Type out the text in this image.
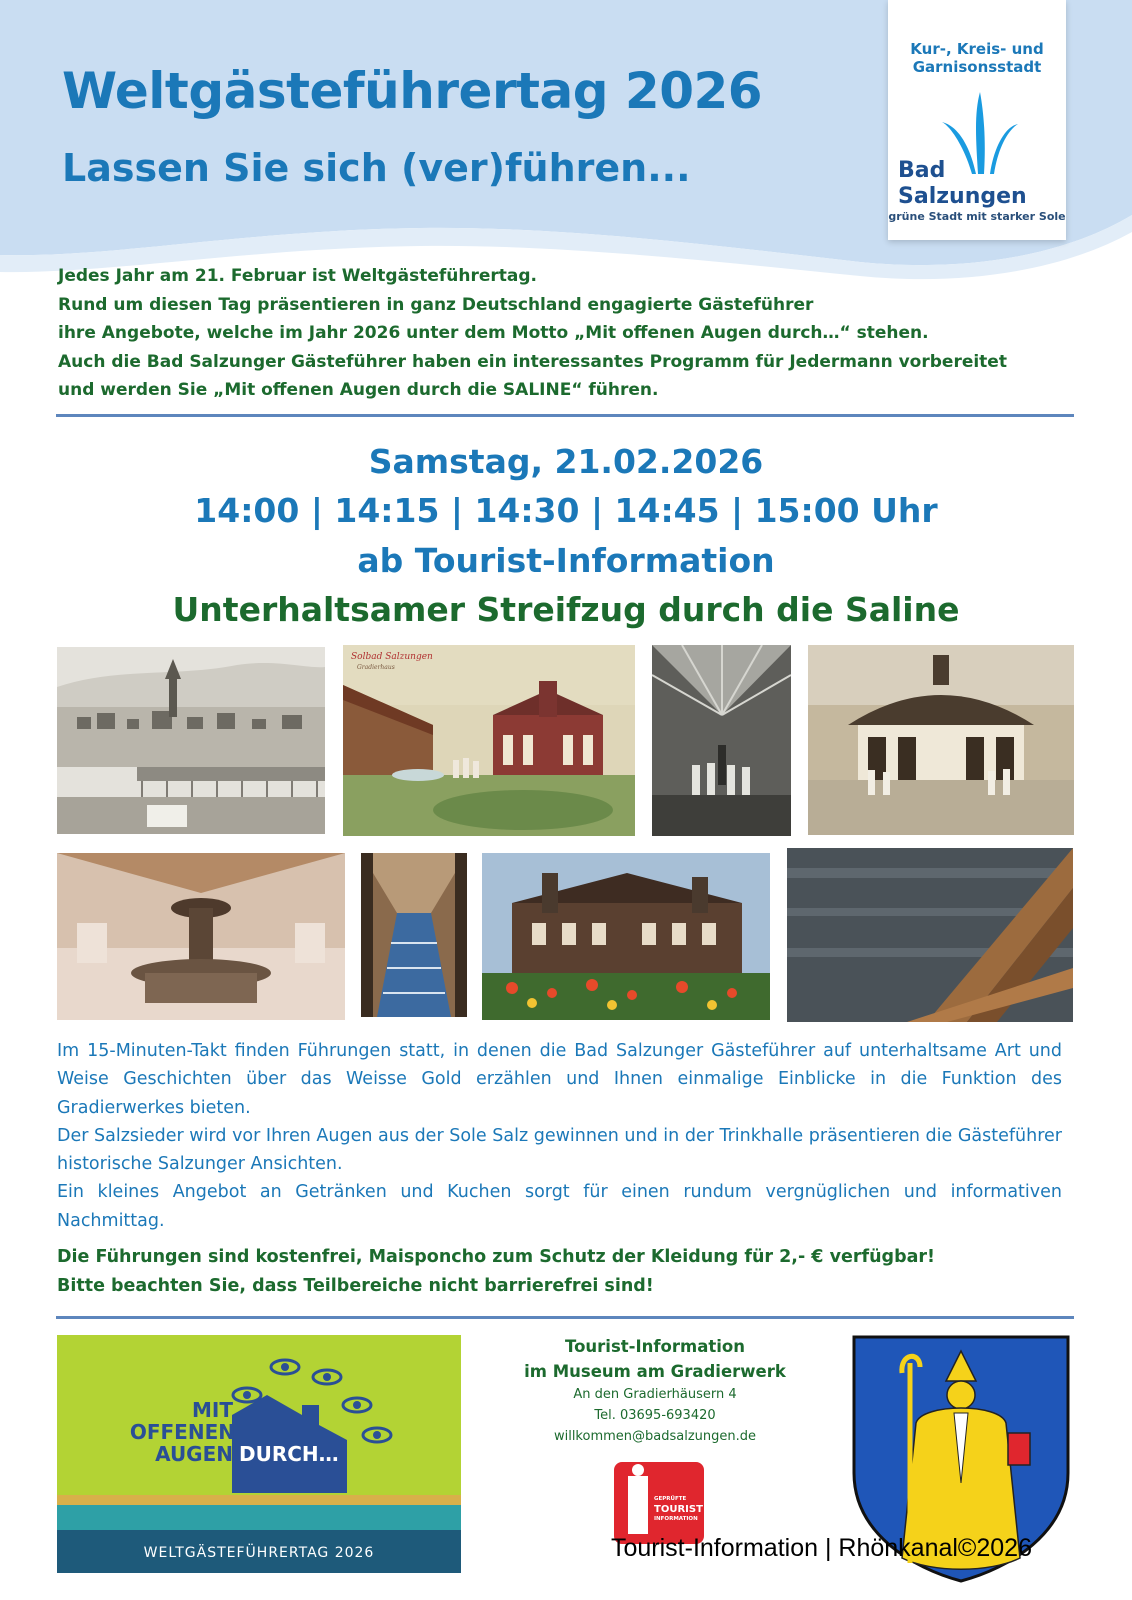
Weltgästeführertag 2026
Lassen Sie sich (ver)führen...
Kur-, Kreis- und
Garnisonsstadt
Bad
Salzungen
grüne Stadt mit starker Sole
Jedes Jahr am 21. Februar ist Weltgästeführertag.
Rund um diesen Tag präsentieren in ganz Deutschland engagierte Gästeführer
ihre Angebote, welche im Jahr 2026 unter dem Motto „Mit offenen Augen durch…“ stehen.
Auch die Bad Salzunger Gästeführer haben ein interessantes Programm für Jedermann vorbereitet
und werden Sie „Mit offenen Augen durch die SALINE“ führen.
Samstag, 21.02.2026
14:00 | 14:15 | 14:30 | 14:45 | 15:00 Uhr
ab Tourist-Information
Unterhaltsamer Streifzug durch die Saline
Solbad Salzungen
Gradierhaus

Im 15-Minuten-Takt finden Führungen statt, in denen die Bad Salzunger Gästeführer auf unterhaltsame Art und Weise Geschichten über das Weisse Gold erzählen und Ihnen einmalige Einblicke in die Funktion des Gradierwerkes bieten.

Der Salzsieder wird vor Ihren Augen aus der Sole Salz gewinnen und in der Trinkhalle präsentieren die Gästeführer historische Salzunger Ansichten.

Ein kleines Angebot an Getränken und Kuchen sorgt für einen rundum vergnüglichen und informativen Nachmittag.

Die Führungen sind kostenfrei, Maisponcho zum Schutz der Kleidung für 2,- € verfügbar!
Bitte beachten Sie, dass Teilbereiche nicht barrierefrei sind!
MIT
OFFENEN
AUGEN DURCH…
WELTGÄSTEFÜHRERTAG 2026
Tourist-Information
im Museum am Gradierwerk
An den Gradierhäusern 4
Tel. 03695-693420
willkommen@badsalzungen.de
GEPRÜFTE
TOURIST
INFORMATION
Tourist-Information | Rhönkanal©2026
